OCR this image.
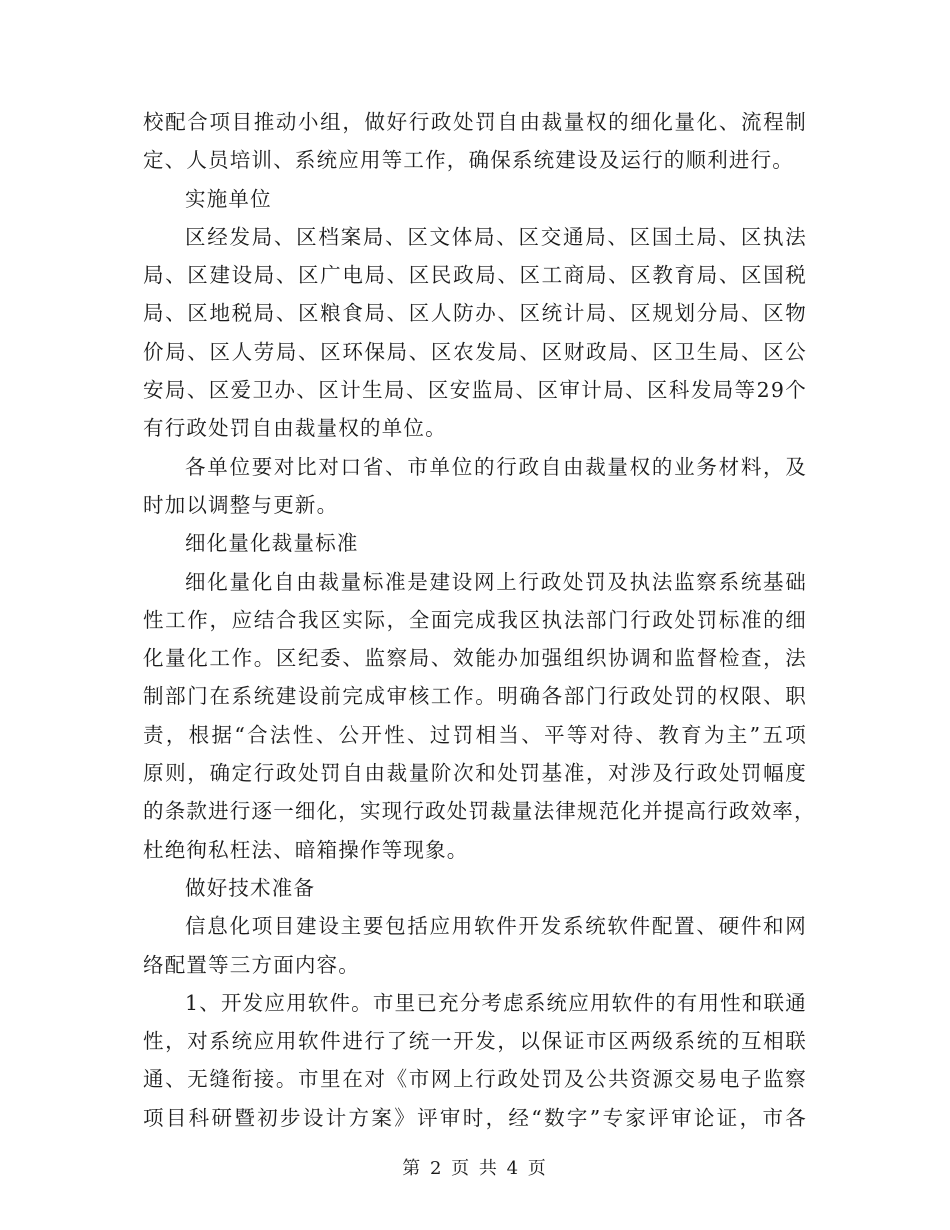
校配合项目推动小组，做好行政处罚自由裁量权的细化量化、流程制
定、人员培训、系统应用等工作，确保系统建设及运行的顺利进行。
实施单位
区经发局、区档案局、区文体局、区交通局、区国土局、区执法
局、区建设局、区广电局、区民政局、区工商局、区教育局、区国税
局、区地税局、区粮食局、区人防办、区统计局、区规划分局、区物
价局、区人劳局、区环保局、区农发局、区财政局、区卫生局、区公
安局、区爱卫办、区计生局、区安监局、区审计局、区科发局等29个
有行政处罚自由裁量权的单位。
各单位要对比对口省、市单位的行政自由裁量权的业务材料，及
时加以调整与更新。
细化量化裁量标准
细化量化自由裁量标准是建设网上行政处罚及执法监察系统基础
性工作，应结合我区实际，全面完成我区执法部门行政处罚标准的细
化量化工作。区纪委、监察局、效能办加强组织协调和监督检查，法
制部门在系统建设前完成审核工作。明确各部门行政处罚的权限、职
责，根据“合法性、公开性、过罚相当、平等对待、教育为主”五项
原则，确定行政处罚自由裁量阶次和处罚基准，对涉及行政处罚幅度
的条款进行逐一细化，实现行政处罚裁量法律规范化并提高行政效率，
杜绝徇私枉法、暗箱操作等现象。
做好技术准备
信息化项目建设主要包括应用软件开发系统软件配置、硬件和网
络配置等三方面内容。
1、开发应用软件。市里已充分考虑系统应用软件的有用性和联通
性，对系统应用软件进行了统一开发，以保证市区两级系统的互相联
通、无缝衔接。市里在对《市网上行政处罚及公共资源交易电子监察
项目科研暨初步设计方案》评审时，经“数字”专家评审论证，市各
第 2 页 共 4 页
